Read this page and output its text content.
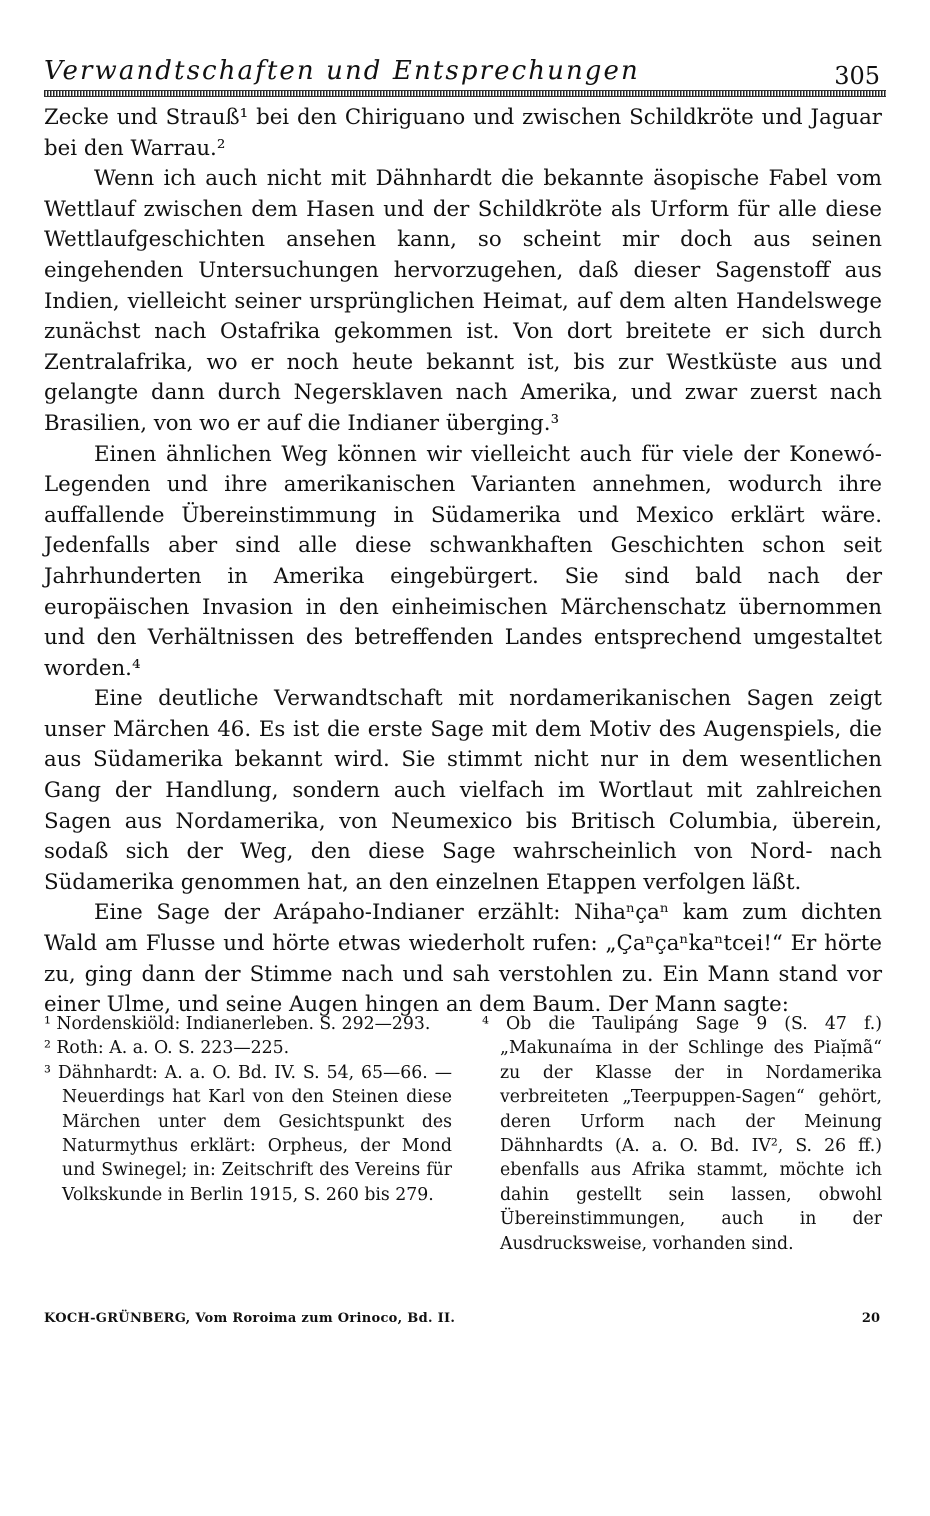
Verwandtschaften und Entsprechungen	305

Zecke und Strauß¹ bei den Chiriguano und zwischen Schildkröte und Jaguar bei den Warrau.²

Wenn ich auch nicht mit Dähnhardt die bekannte äsopische Fabel vom Wettlauf zwischen dem Hasen und der Schildkröte als Urform für alle diese Wettlaufgeschichten ansehen kann, so scheint mir doch aus seinen eingehenden Untersuchungen hervorzugehen, daß dieser Sagenstoff aus Indien, vielleicht seiner ursprünglichen Heimat, auf dem alten Handelswege zunächst nach Ostafrika gekommen ist. Von dort breitete er sich durch Zentralafrika, wo er noch heute bekannt ist, bis zur Westküste aus und gelangte dann durch Negersklaven nach Amerika, und zwar zuerst nach Brasilien, von wo er auf die Indianer überging.³

Einen ähnlichen Weg können wir vielleicht auch für viele der Konewó-Legenden und ihre amerikanischen Varianten annehmen, wodurch ihre auffallende Übereinstimmung in Südamerika und Mexico erklärt wäre. Jedenfalls aber sind alle diese schwankhaften Geschichten schon seit Jahrhunderten in Amerika eingebürgert. Sie sind bald nach der europäischen Invasion in den einheimischen Märchenschatz übernommen und den Verhältnissen des betreffenden Landes entsprechend umgestaltet worden.⁴

Eine deutliche Verwandtschaft mit nordamerikanischen Sagen zeigt unser Märchen 46. Es ist die erste Sage mit dem Motiv des Augenspiels, die aus Südamerika bekannt wird. Sie stimmt nicht nur in dem wesentlichen Gang der Handlung, sondern auch vielfach im Wortlaut mit zahlreichen Sagen aus Nordamerika, von Neumexico bis Britisch Columbia, überein, sodaß sich der Weg, den diese Sage wahrscheinlich von Nord- nach Südamerika genommen hat, an den einzelnen Etappen verfolgen läßt.

Eine Sage der Arápaho-Indianer erzählt: Nihaⁿçaⁿ kam zum dichten Wald am Flusse und hörte etwas wiederholt rufen: „Çaⁿçaⁿkaⁿtcei!“ Er hörte zu, ging dann der Stimme nach und sah verstohlen zu. Ein Mann stand vor einer Ulme, und seine Augen hingen an dem Baum. Der Mann sagte:

¹ Nordenskiöld: Indianerleben. S. 292—293.

² Roth: A. a. O. S. 223—225.

³ Dähnhardt: A. a. O. Bd. IV. S. 54, 65—66. — Neuerdings hat Karl von den Steinen diese Märchen unter dem Gesichtspunkt des Naturmythus erklärt: Orpheus, der Mond und Swinegel; in: Zeitschrift des Vereins für Volkskunde in Berlin 1915, S. 260 bis 279.

⁴ Ob die Taulipáng Sage 9 (S. 47 f.) „Makunaíma in der Schlinge des Piaị̆mã“ zu der Klasse der in Nordamerika verbreiteten „Teerpuppen-Sagen“ gehört, deren Urform nach der Meinung Dähnhardts (A. a. O. Bd. IV², S. 26 ff.) ebenfalls aus Afrika stammt, möchte ich dahin gestellt sein lassen, obwohl Übereinstimmungen, auch in der Ausdrucksweise, vorhanden sind.

KOCH-GRÜNBERG, Vom Roroima zum Orinoco, Bd. II.	20
